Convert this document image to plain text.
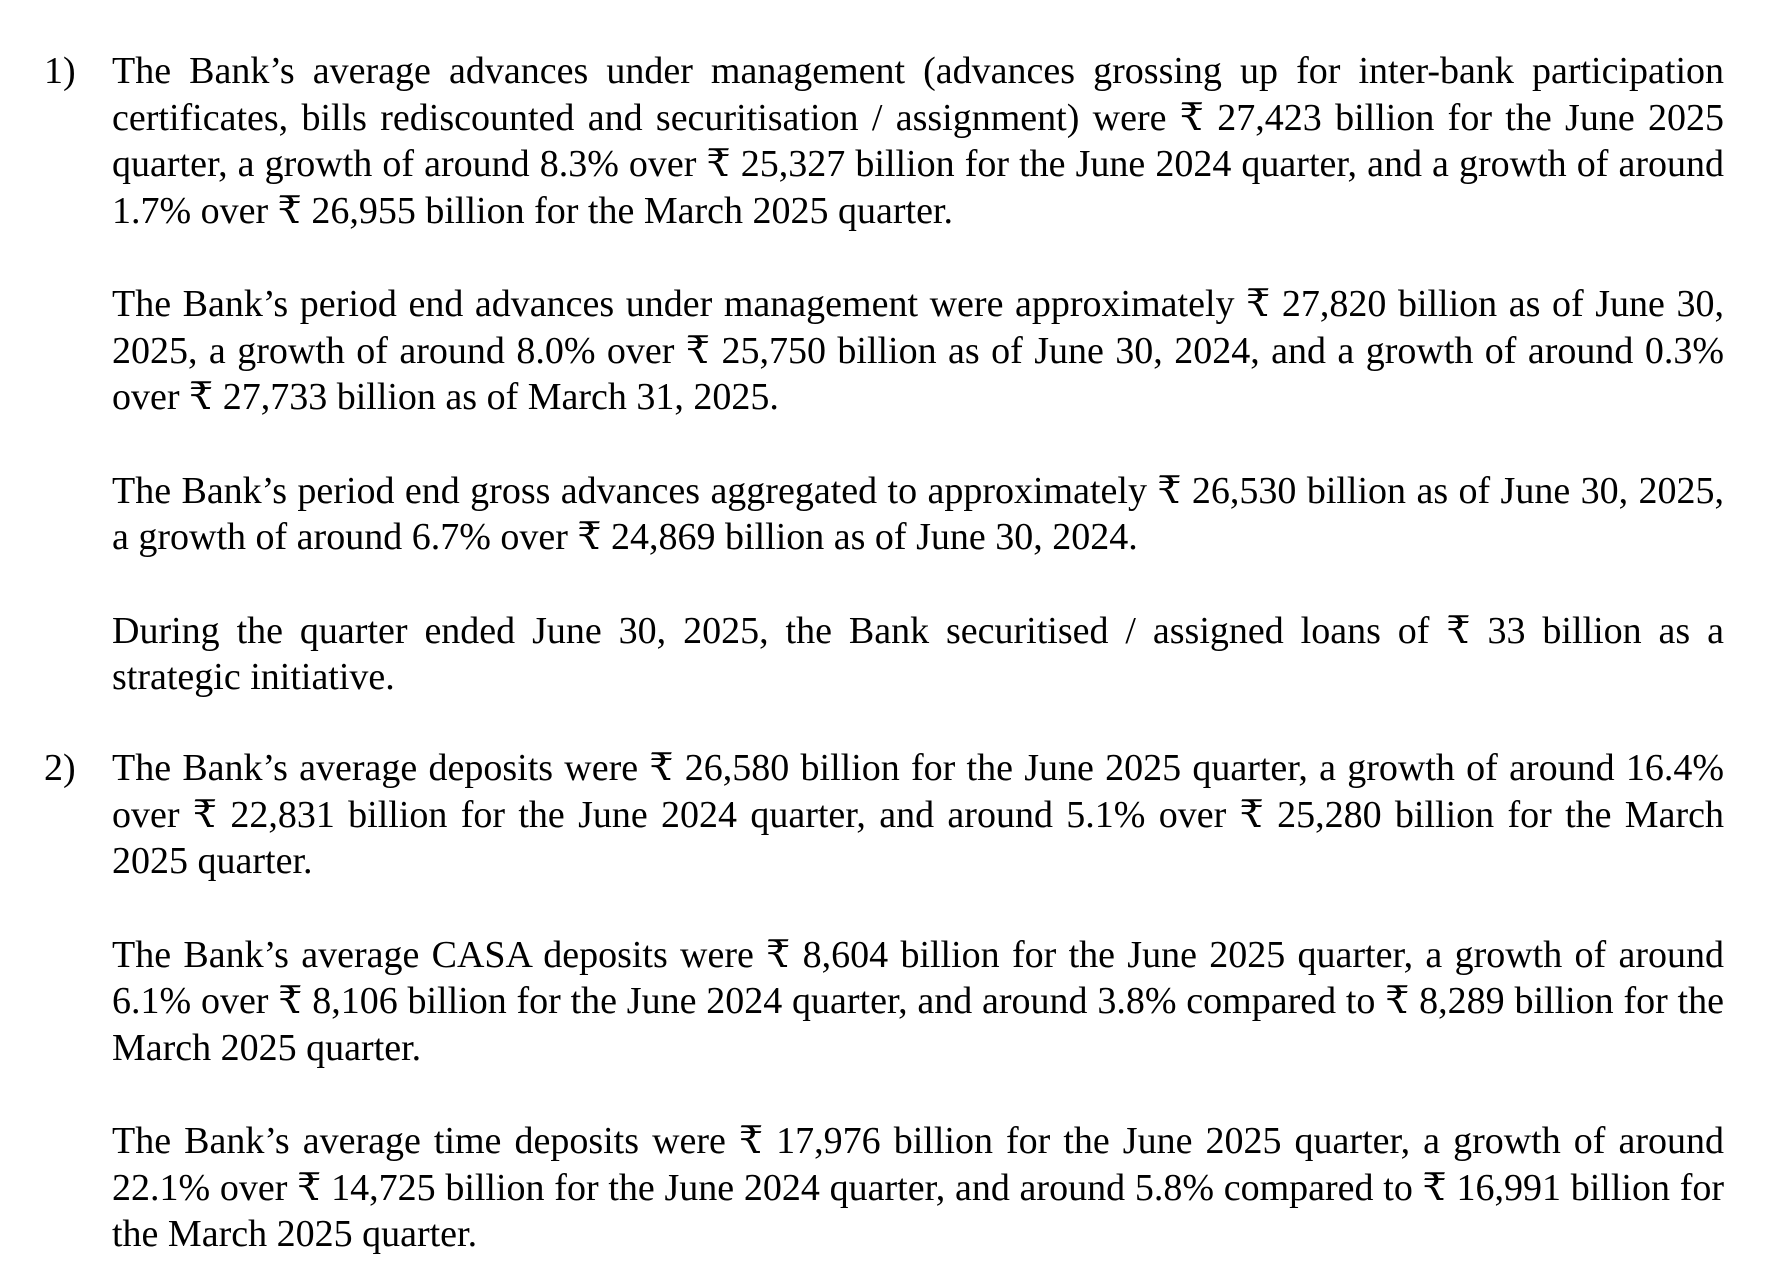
1) The Bank’s average advances under management (advances grossing up for inter-bank participation certificates, bills rediscounted and securitisation / assignment) were ₹ 27,423 billion for the June 2025 quarter, a growth of around 8.3% over ₹ 25,327 billion for the June 2024 quarter, and a growth of around 1.7% over ₹ 26,955 billion for the March 2025 quarter.

The Bank’s period end advances under management were approximately ₹ 27,820 billion as of June 30, 2025, a growth of around 8.0% over ₹ 25,750 billion as of June 30, 2024, and a growth of around 0.3% over ₹ 27,733 billion as of March 31, 2025.

The Bank’s period end gross advances aggregated to approximately ₹ 26,530 billion as of June 30, 2025, a growth of around 6.7% over ₹ 24,869 billion as of June 30, 2024.

During the quarter ended June 30, 2025, the Bank securitised / assigned loans of ₹ 33 billion as a strategic initiative.

2) The Bank’s average deposits were ₹ 26,580 billion for the June 2025 quarter, a growth of around 16.4% over ₹ 22,831 billion for the June 2024 quarter, and around 5.1% over ₹ 25,280 billion for the March 2025 quarter.

The Bank’s average CASA deposits were ₹ 8,604 billion for the June 2025 quarter, a growth of around 6.1% over ₹ 8,106 billion for the June 2024 quarter, and around 3.8% compared to ₹ 8,289 billion for the March 2025 quarter.

The Bank’s average time deposits were ₹ 17,976 billion for the June 2025 quarter, a growth of around 22.1% over ₹ 14,725 billion for the June 2024 quarter, and around 5.8% compared to ₹ 16,991 billion for the March 2025 quarter.
